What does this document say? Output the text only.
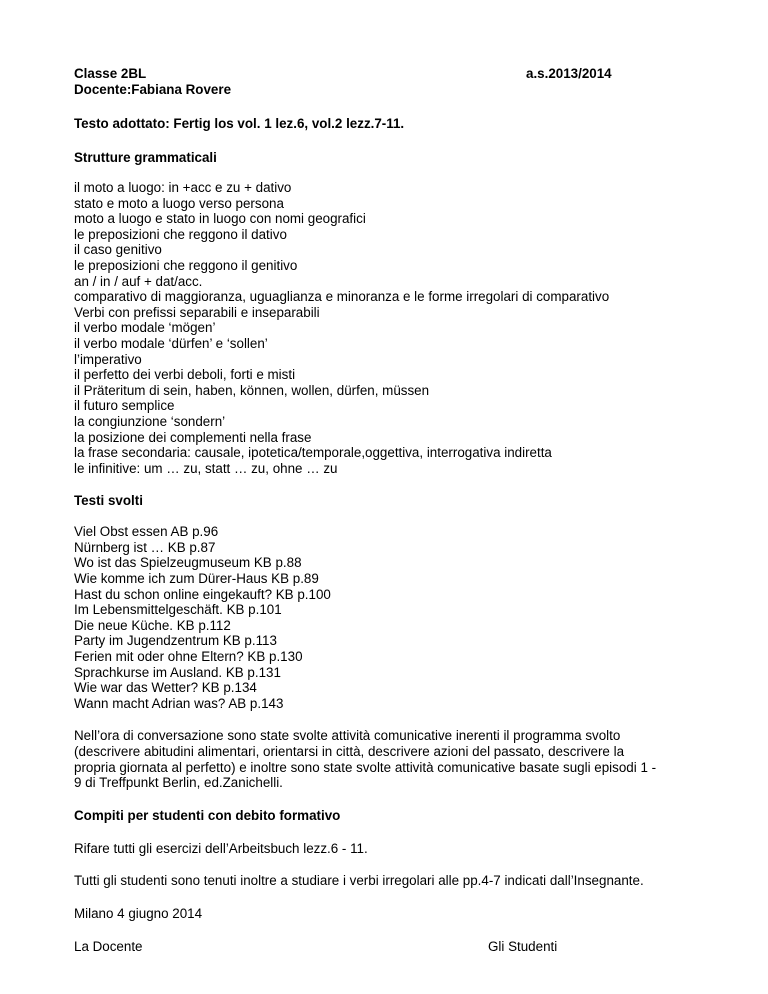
Classe 2BL	a.s.2013/2014
Docente:Fabiana Rovere
Testo adottato: Fertig los vol. 1 lez.6, vol.2 lezz.7-11.
Strutture grammaticali
il moto a luogo: in +acc e zu + dativo
stato e moto a luogo verso persona
moto a luogo e stato in luogo con nomi geografici
le preposizioni che reggono il dativo
il caso genitivo
le preposizioni che reggono il genitivo
an / in / auf + dat/acc.
comparativo di maggioranza, uguaglianza e minoranza e le forme irregolari di comparativo
Verbi con prefissi separabili e inseparabili
il verbo modale ‘mögen’
il verbo modale ‘dürfen’ e ‘sollen’
l’imperativo
il perfetto dei verbi deboli, forti e misti
il Präteritum di sein, haben, können, wollen, dürfen, müssen
il futuro semplice
la congiunzione ‘sondern’
la posizione dei complementi nella frase
la frase secondaria: causale, ipotetica/temporale,oggettiva, interrogativa indiretta
le infinitive: um … zu, statt … zu, ohne … zu
Testi svolti
Viel Obst essen AB p.96
Nürnberg ist … KB p.87
Wo ist das Spielzeugmuseum KB p.88
Wie komme ich zum Dürer-Haus KB p.89
Hast du schon online eingekauft? KB p.100
Im Lebensmittelgeschäft. KB p.101
Die neue Küche. KB p.112
Party im Jugendzentrum KB p.113
Ferien mit oder ohne Eltern? KB p.130
Sprachkurse im Ausland. KB p.131
Wie war das Wetter? KB p.134
Wann macht Adrian was? AB p.143
Nell’ora di conversazione sono state svolte attività comunicative inerenti il programma svolto
(descrivere abitudini alimentari, orientarsi in città, descrivere azioni del passato, descrivere la
propria giornata al perfetto) e inoltre sono state svolte attività comunicative basate sugli episodi 1 -
9 di Treffpunkt Berlin, ed.Zanichelli.
Compiti per studenti con debito formativo
Rifare tutti gli esercizi dell’Arbeitsbuch lezz.6 - 11.
Tutti gli studenti sono tenuti inoltre a studiare i verbi irregolari alle pp.4-7 indicati dall’Insegnante.
Milano 4 giugno 2014
La Docente	Gli Studenti
